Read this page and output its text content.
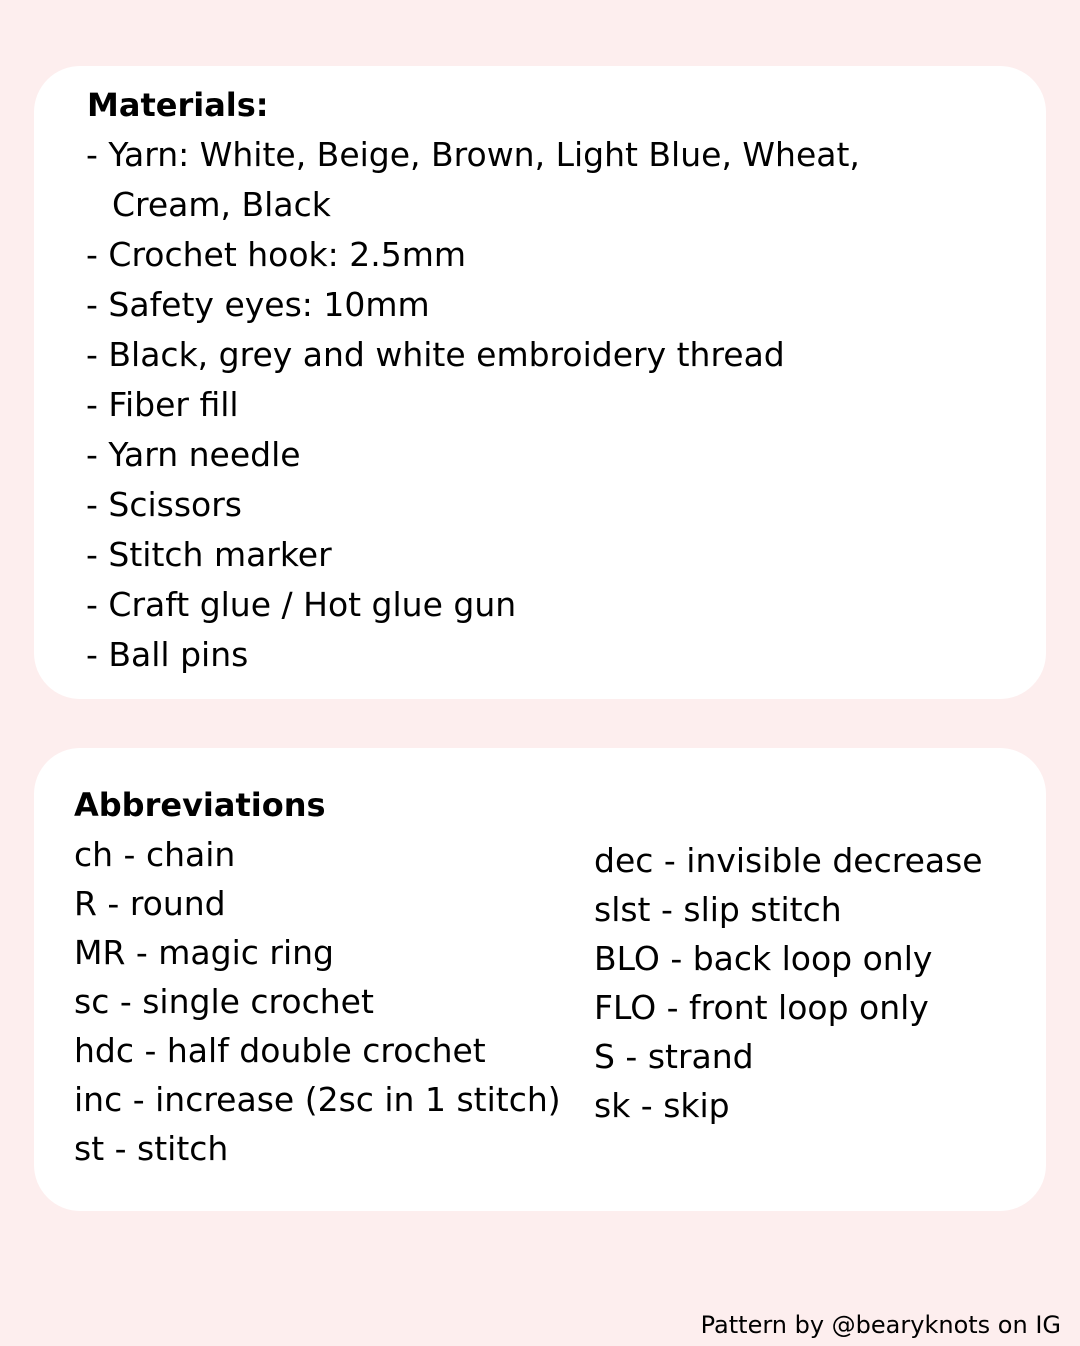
Materials:
- Yarn: White, Beige, Brown, Light Blue, Wheat,
Cream, Black
- Crochet hook: 2.5mm
- Safety eyes: 10mm
- Black, grey and white embroidery thread
- Fiber fill
- Yarn needle
- Scissors
- Stitch marker
- Craft glue / Hot glue gun
- Ball pins
Abbreviations
ch - chain
R - round
MR - magic ring
sc - single crochet
hdc - half double crochet
inc - increase (2sc in 1 stitch)
st - stitch
dec - invisible decrease
slst - slip stitch
BLO - back loop only
FLO - front loop only
S - strand
sk - skip
Pattern by @bearyknots on IG
